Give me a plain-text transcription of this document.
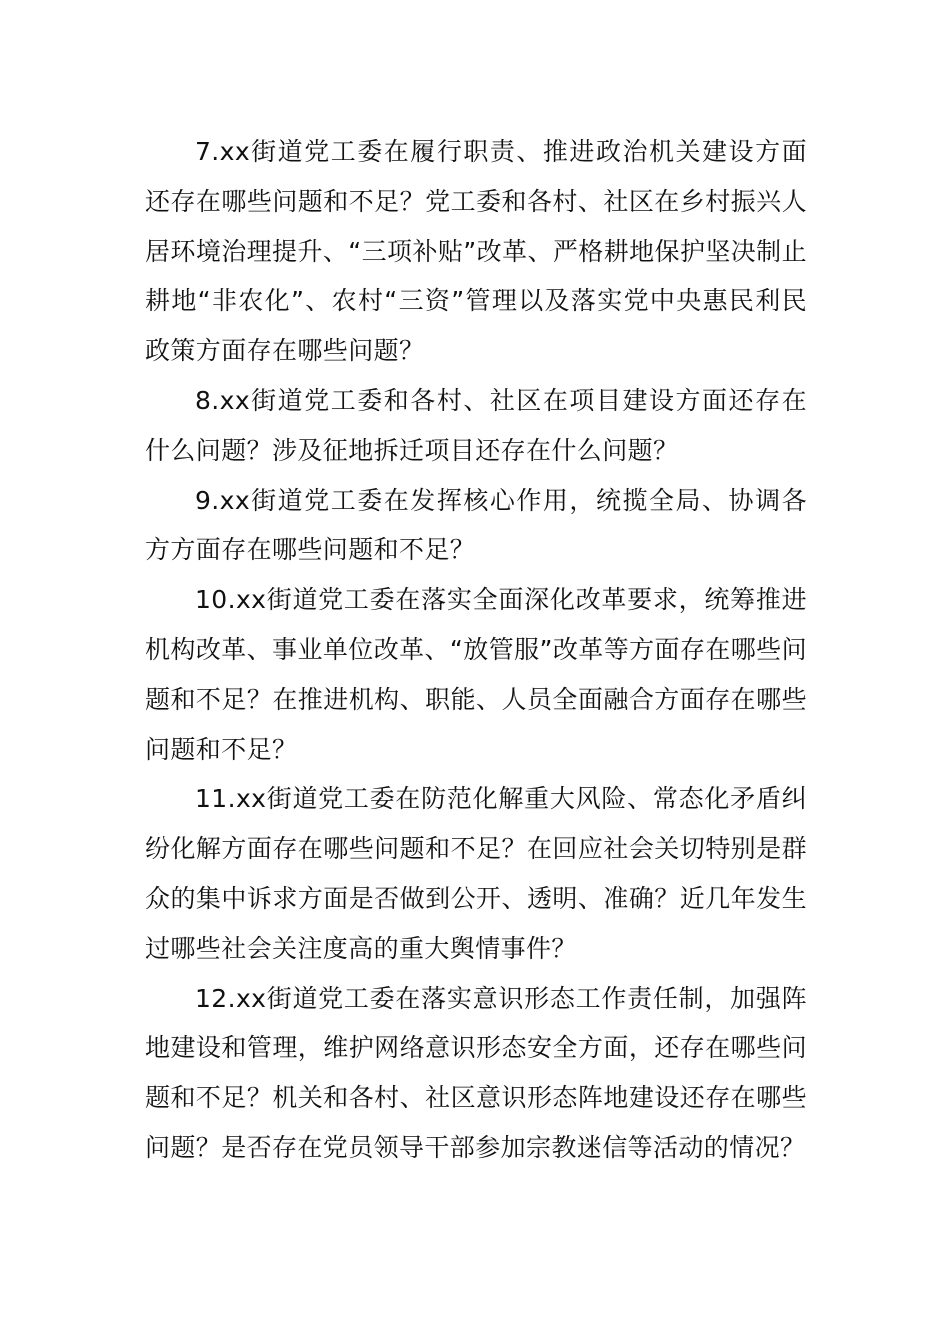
7.xx街道党工委在履行职责、推进政治机关建设方面还存在哪些问题和不足？党工委和各村、社区在乡村振兴人居环境治理提升、“三项补贴”改革、严格耕地保护坚决制止耕地“非农化”、农村“三资”管理以及落实党中央惠民利民政策方面存在哪些问题？

8.xx街道党工委和各村、社区在项目建设方面还存在什么问题？涉及征地拆迁项目还存在什么问题？

9.xx街道党工委在发挥核心作用，统揽全局、协调各方方面存在哪些问题和不足？

10.xx街道党工委在落实全面深化改革要求，统筹推进机构改革、事业单位改革、“放管服”改革等方面存在哪些问题和不足？在推进机构、职能、人员全面融合方面存在哪些问题和不足？

11.xx街道党工委在防范化解重大风险、常态化矛盾纠纷化解方面存在哪些问题和不足？在回应社会关切特别是群众的集中诉求方面是否做到公开、透明、准确？近几年发生过哪些社会关注度高的重大舆情事件？

12.xx街道党工委在落实意识形态工作责任制，加强阵地建设和管理，维护网络意识形态安全方面，还存在哪些问题和不足？机关和各村、社区意识形态阵地建设还存在哪些问题？是否存在党员领导干部参加宗教迷信等活动的情况？
